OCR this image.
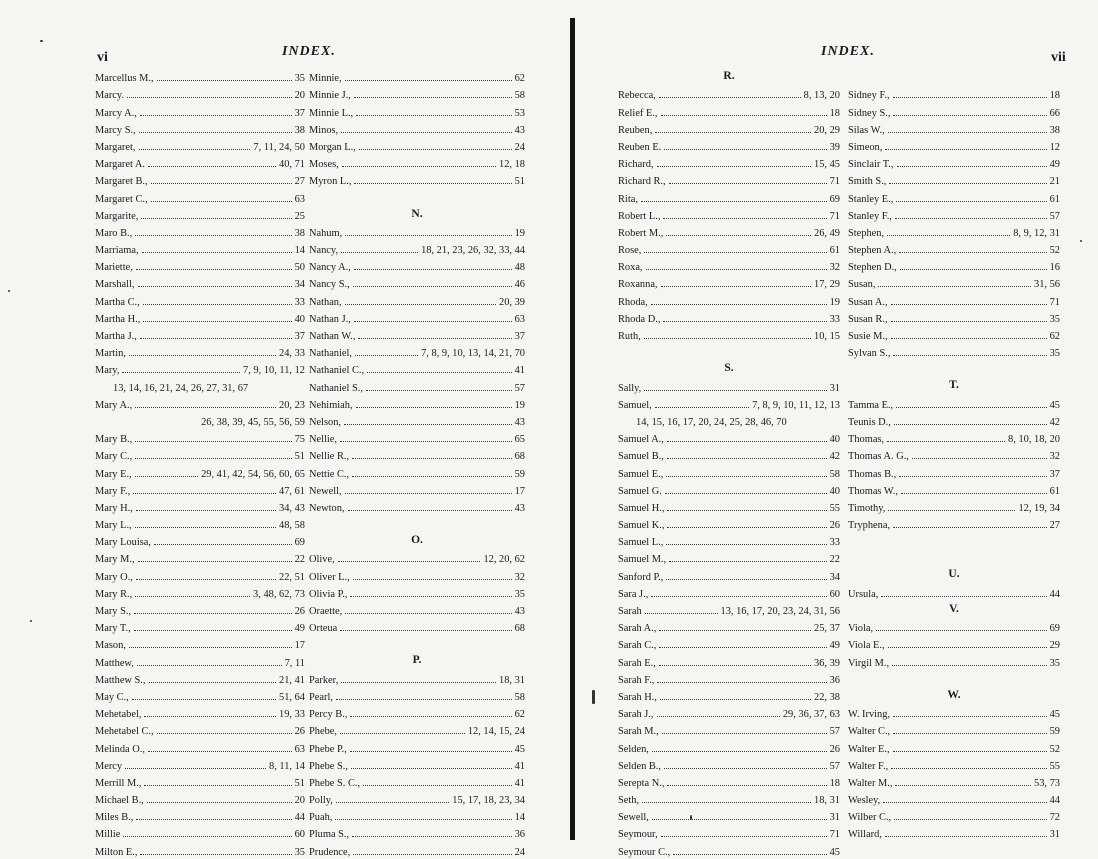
vi	INDEX.
Marcellus M.,	35
Marcy.	20
Marcy A.,	37
Marcy S.,	38
Margaret,	7, 11, 24, 50
Margaret A.	40, 71
Margaret B.,	27
Margaret C.,	63
Margarite,	25
Maro B.,	38
Marriama,	14
Mariette,	50
Marshall,	34
Martha C.,	33
Martha H.,	40
Martha J.,	37
Martin,	24, 33
Mary,	7, 9, 10, 11, 12
13, 14, 16, 21, 24, 26, 27, 31, 67
Mary A.,	20, 23
26, 38, 39, 45, 55, 56, 59
Mary B.,	75
Mary C.,	51
Mary E.,	29, 41, 42, 54, 56, 60, 65
Mary F.,	47, 61
Mary H.,	34, 43
Mary L.,	48, 58
Mary Louisa,	69
Mary M.,	22
Mary O.,	22, 51
Mary R.,	3, 48, 62, 73
Mary S.,	26
Mary T.,	49
Mason,	17
Matthew,	7, 11
Matthew S.,	21, 41
May C.,	51, 64
Mehetabel,	19, 33
Mehetabel C.,	26
Melinda O.,	63
Mercy	8, 11, 14
Merrill M.,	51
Michael B.,	20
Miles B.,	44
Millie	60
Milton E.,	35
Minnie,	62
Minnie J.,	58
Minnie L.,	53
Minos,	43
Morgan L.,	24
Moses,	12, 18
Myron L.,	51
N.
Nahum,	19
Nancy,	18, 21, 23, 26, 32, 33, 44
Nancy A.,	48
Nancy S.,	46
Nathan,	20, 39
Nathan J.,	63
Nathan W.,	37
Nathaniel,	7, 8, 9, 10, 13, 14, 21, 70
Nathaniel C.,	41
Nathaniel S.,	57
Nehimiah,	19
Nelson,	43
Nellie,	65
Nellie R.,	68
Nettie C.,	59
Newell,	17
Newton,	43
O.
Olive,	12, 20, 62
Oliver L.,	32
Olivia P.,	35
Oraette,	43
Orteua	68
P.
Parker,	18, 31
Pearl,	58
Percy B.,	62
Phebe,	12, 14, 15, 24
Phebe P.,	45
Phebe S.,	41
Phebe S. C.,	41
Polly,	15, 17, 18, 23, 34
Puah,	14
Pluma S.,	36
Prudence,	24
INDEX.	vii
R.
Rebecca,	8, 13, 20
Relief E.,	18
Reuben,	20, 29
Reuben E.	39
Richard,	15, 45
Richard R.,	71
Rita,	69
Robert L.,	71
Robert M.,	26, 49
Rose,	61
Roxa,	32
Roxanna,	17, 29
Rhoda,	19
Rhoda D.,	33
Ruth,	10, 15
S.
Sally,	31
Samuel,	7, 8, 9, 10, 11, 12, 13
14, 15, 16, 17, 20, 24, 25, 28, 46, 70
Samuel A.,	40
Samuel B.,	42
Samuel E.,	58
Samuel G.	40
Samuel H.,	55
Samuel K.,	26
Samuel L.,	33
Samuel M.,	22
Sanford P.,	34
Sara J.,	60
Sarah	13, 16, 17, 20, 23, 24, 31, 56
Sarah A.,	25, 37
Sarah C.,	49
Sarah E.,	36, 39
Sarah F.,	36
Sarah H.,	22, 38
Sarah J.,	29, 36, 37, 63
Sarah M.,	57
Selden,	26
Selden B.,	57
Serepta N.,	18
Seth,	18, 31
Sewell,	31
Seymour,	71
Seymour C.,	45
Sidney F.,	18
Sidney S.,	66
Silas W.,	38
Simeon,	12
Sinclair T.,	49
Smith S.,	21
Stanley E.,	61
Stanley F.,	57
Stephen,	8, 9, 12, 31
Stephen A.,	52
Stephen D.,	16
Susan,	31, 56
Susan A.,	71
Susan R.,	35
Susie M.,	62
Sylvan S.,	35
T.
Tamma E.,	45
Teunis D.,	42
Thomas,	8, 10, 18, 20
Thomas A. G.,	32
Thomas B.,	37
Thomas W.,	61
Timothy,	12, 19, 34
Tryphena,	27
U.
Ursula,	44
V.
Viola,	69
Viola E.,	29
Virgil M.,	35
W.
W. Irving,	45
Walter C.,	59
Walter E.,	52
Walter F.,	55
Walter M.,	53, 73
Wesley,	44
Wilber C.,	72
Willard,	31
